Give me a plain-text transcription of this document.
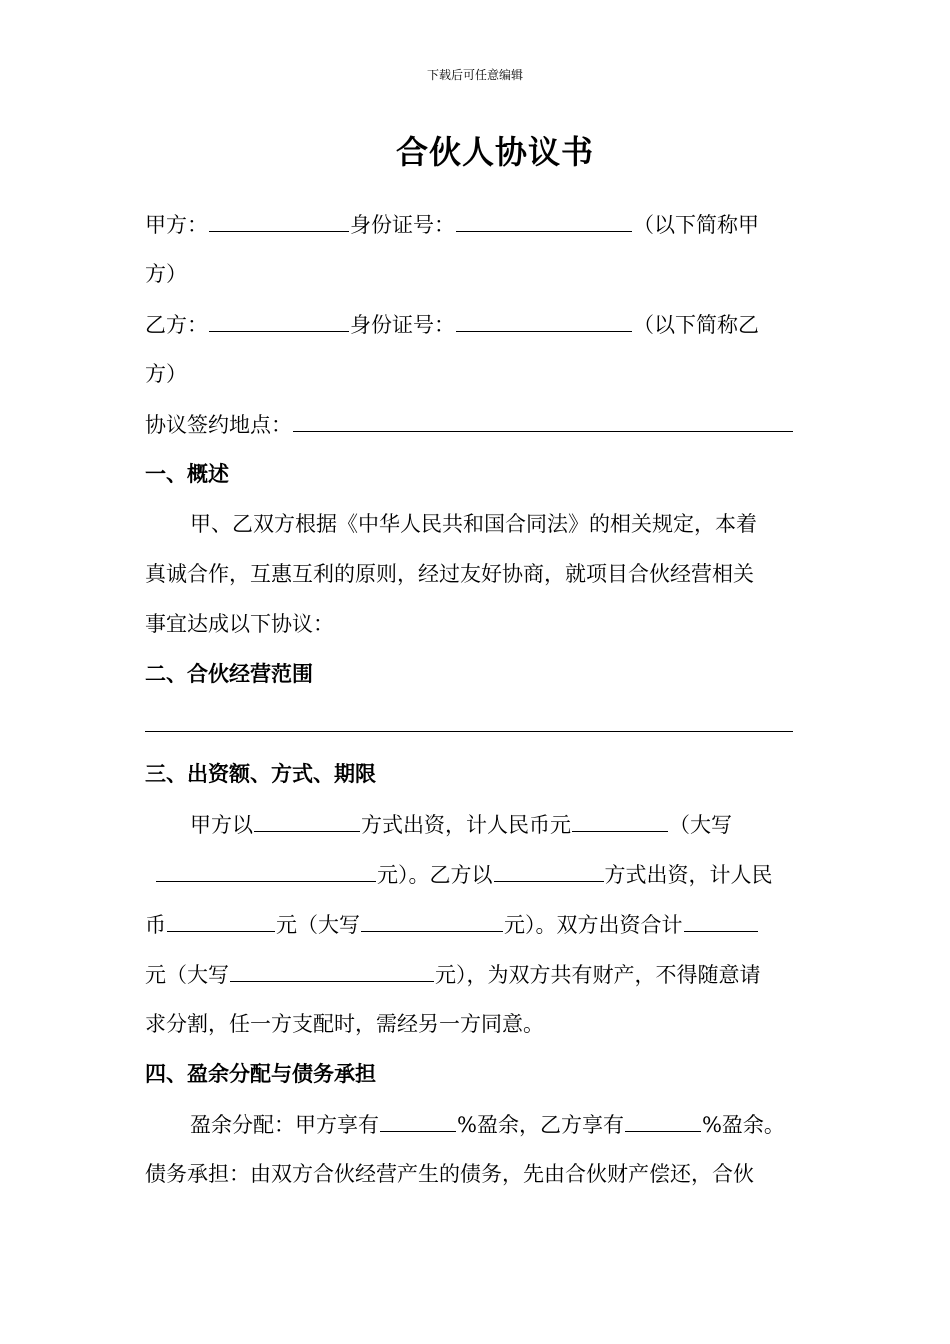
下载后可任意编辑
合伙人协议书
甲方：	身份证号：	（以下简称甲
方）
乙方：	身份证号：	（以下简称乙
方）
协议签约地点：
一、概述
甲、乙双方根据《中华人民共和国合同法》的相关规定，本着
真诚合作，互惠互利的原则，经过友好协商，就项目合伙经营相关
事宜达成以下协议：
二、合伙经营范围
三、出资额、方式、期限
甲方以	方式出资，计人民币元	（大写
元）。乙方以	方式出资，计人民
币	元（大写	元）。双方出资合计
元（大写	元），为双方共有财产，不得随意请
求分割，任一方支配时，需经另一方同意。
四、盈余分配与债务承担
盈余分配：甲方享有	%盈余，乙方享有	%盈余。
债务承担：由双方合伙经营产生的债务，先由合伙财产偿还，合伙
